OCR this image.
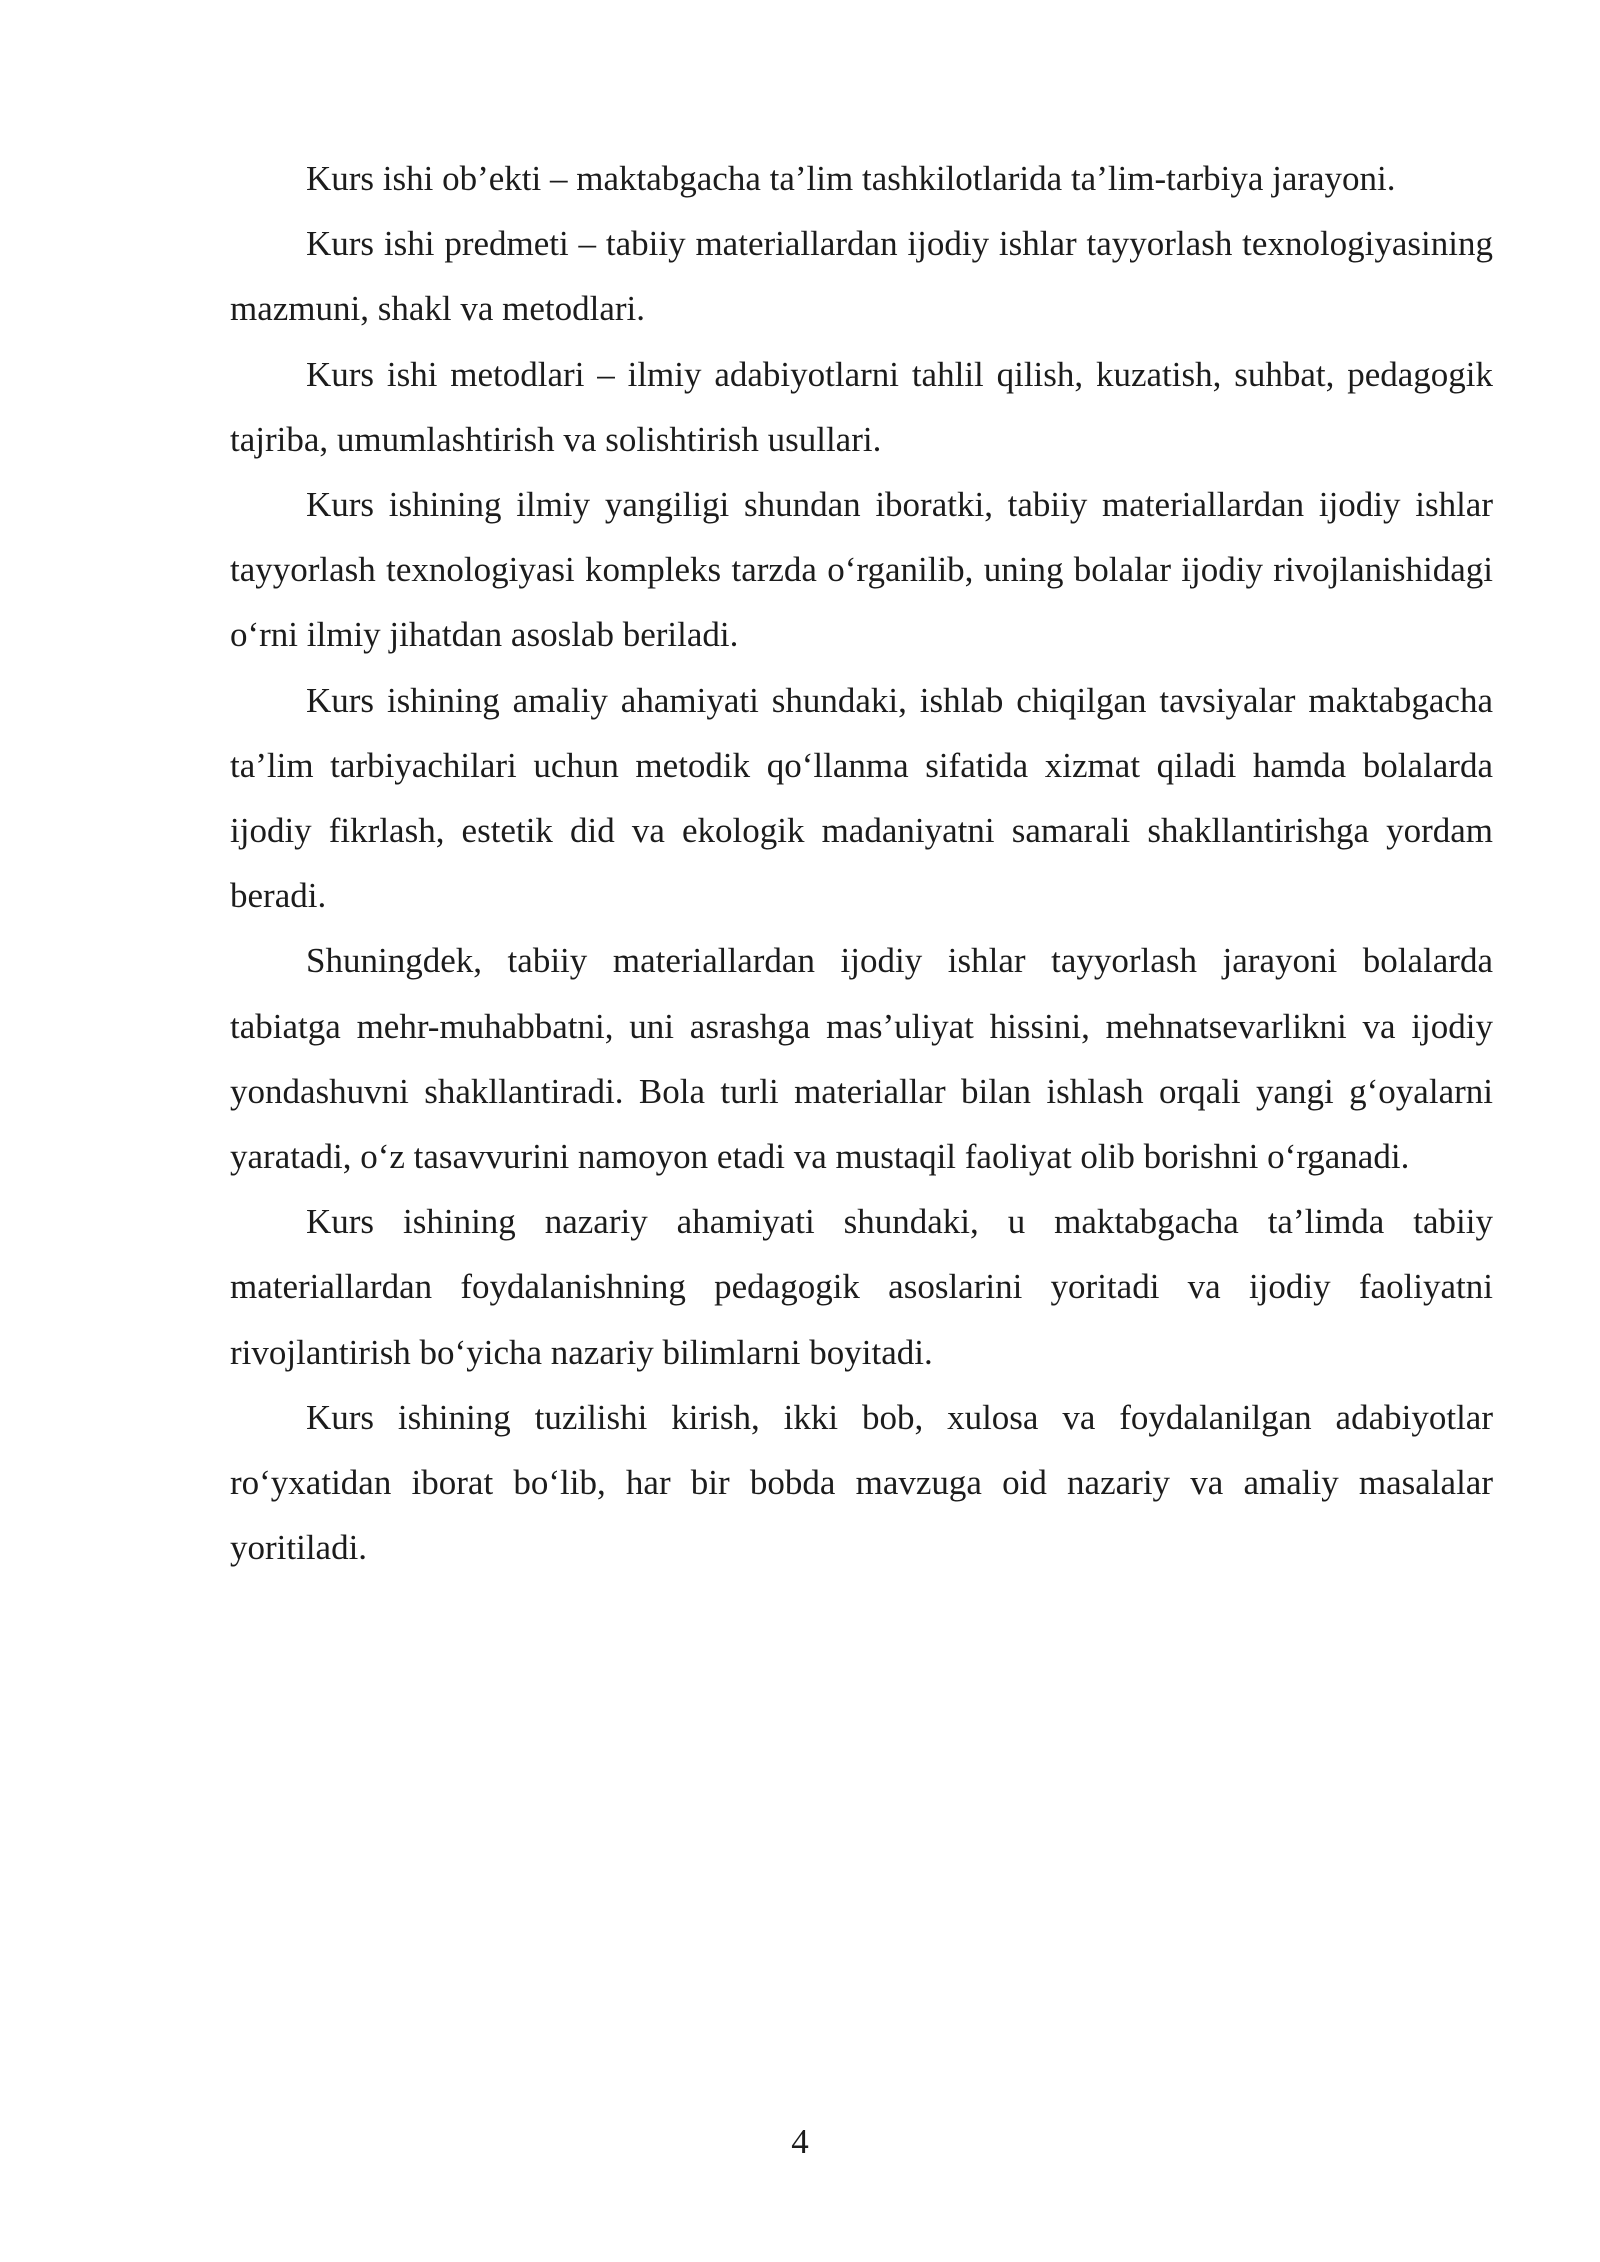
Kurs ishi ob’ekti – maktabgacha ta’lim tashkilotlarida ta’lim-tarbiya jarayoni.

Kurs ishi predmeti – tabiiy materiallardan ijodiy ishlar tayyorlash texnologiyasining mazmuni, shakl va metodlari.

Kurs ishi metodlari – ilmiy adabiyotlarni tahlil qilish, kuzatish, suhbat, pedagogik tajriba, umumlashtirish va solishtirish usullari.

Kurs ishining ilmiy yangiligi shundan iboratki, tabiiy materiallardan ijodiy ishlar tayyorlash texnologiyasi kompleks tarzda o‘rganilib, uning bolalar ijodiy rivojlanishidagi o‘rni ilmiy jihatdan asoslab beriladi.

Kurs ishining amaliy ahamiyati shundaki, ishlab chiqilgan tavsiyalar maktabgacha ta’lim tarbiyachilari uchun metodik qo‘llanma sifatida xizmat qiladi hamda bolalarda ijodiy fikrlash, estetik did va ekologik madaniyatni samarali shakllantirishga yordam beradi.

Shuningdek, tabiiy materiallardan ijodiy ishlar tayyorlash jarayoni bolalarda tabiatga mehr-muhabbatni, uni asrashga mas’uliyat hissini, mehnatsevarlikni va ijodiy yondashuvni shakllantiradi. Bola turli materiallar bilan ishlash orqali yangi g‘oyalarni yaratadi, o‘z tasavvurini namoyon etadi va mustaqil faoliyat olib borishni o‘rganadi.

Kurs ishining nazariy ahamiyati shundaki, u maktabgacha ta’limda tabiiy materiallardan foydalanishning pedagogik asoslarini yoritadi va ijodiy faoliyatni rivojlantirish bo‘yicha nazariy bilimlarni boyitadi.

Kurs ishining tuzilishi kirish, ikki bob, xulosa va foydalanilgan adabiyotlar ro‘yxatidan iborat bo‘lib, har bir bobda mavzuga oid nazariy va amaliy masalalar yoritiladi.

4
